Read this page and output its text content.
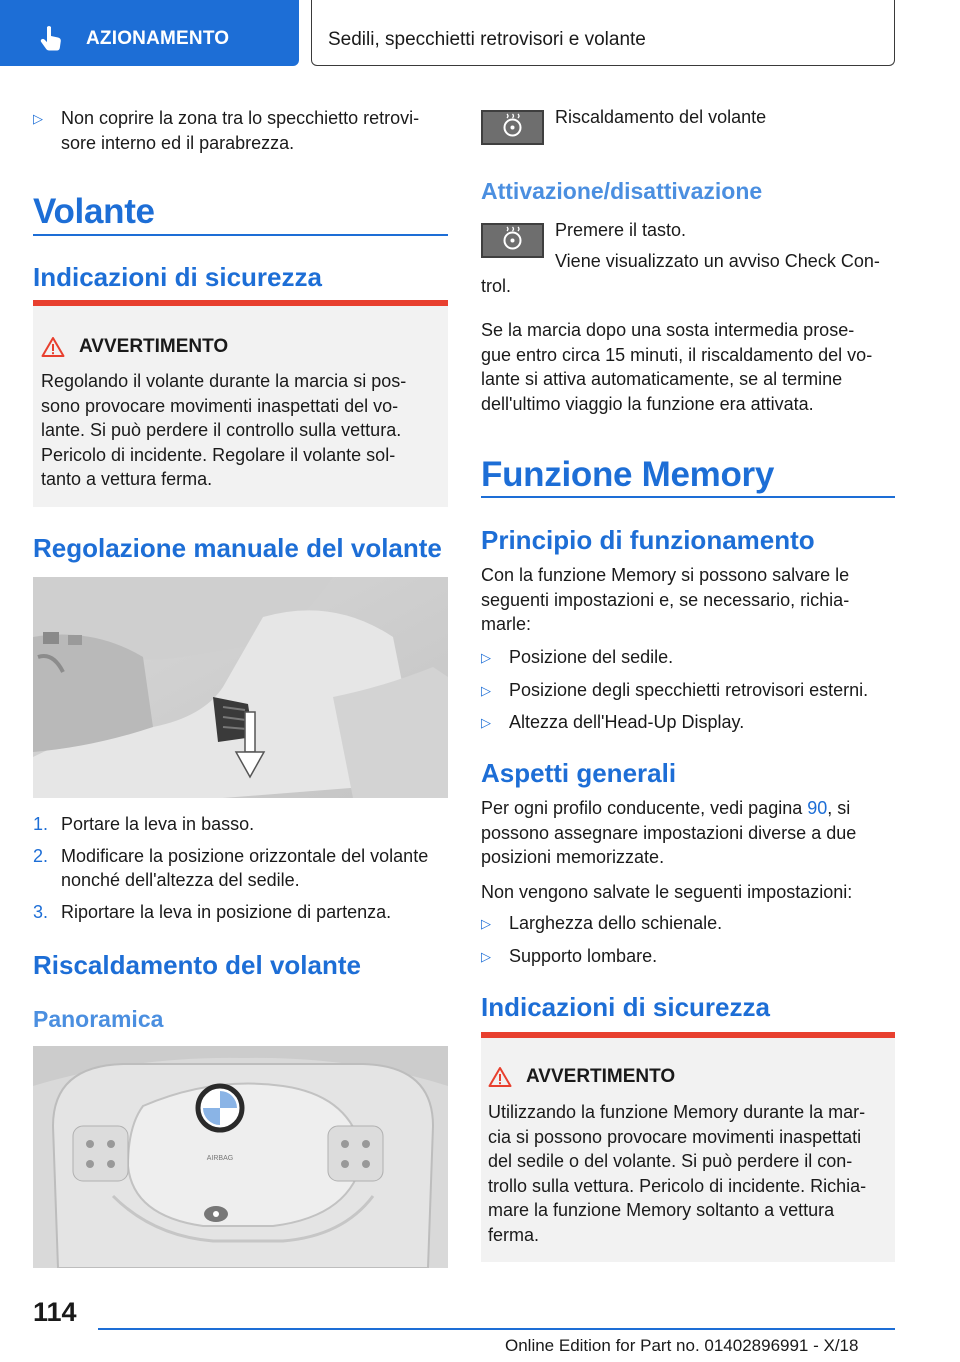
AZIONAMENTO	Sedili, specchietti retrovisori e volante
▷	Non coprire la zona tra lo specchietto retrovi-
sore interno ed il parabrezza.
Volante
Indicazioni di sicurezza
AVVERTIMENTO
Regolando il volante durante la marcia si pos-
sono provocare movimenti inaspettati del vo-
lante. Si può perdere il controllo sulla vettura.
Pericolo di incidente. Regolare il volante sol-
tanto a vettura ferma.
Regolazione manuale del volante
1. Portare la leva in basso.
2. Modificare la posizione orizzontale del volante
nonché dell'altezza del sedile.
3. Riportare la leva in posizione di partenza.
Riscaldamento del volante
Panoramica
AIRBAG
Riscaldamento del volante
Attivazione/disattivazione
Premere il tasto.
Viene visualizzato un avviso Check Con-
trol.
Se la marcia dopo una sosta intermedia prose-
gue entro circa 15 minuti, il riscaldamento del vo-
lante si attiva automaticamente, se al termine
dell'ultimo viaggio la funzione era attivata.
Funzione Memory
Principio di funzionamento
Con la funzione Memory si possono salvare le
seguenti impostazioni e, se necessario, richia-
marle:
▷	Posizione del sedile.
▷	Posizione degli specchietti retrovisori esterni.
▷	Altezza dell'Head-Up Display.
Aspetti generali
Per ogni profilo conducente, vedi pagina 90, si
possono assegnare impostazioni diverse a due
posizioni memorizzate.
Non vengono salvate le seguenti impostazioni:
▷	Larghezza dello schienale.
▷	Supporto lombare.
Indicazioni di sicurezza
AVVERTIMENTO
Utilizzando la funzione Memory durante la mar-
cia si possono provocare movimenti inaspettati
del sedile o del volante. Si può perdere il con-
trollo sulla vettura. Pericolo di incidente. Richia-
mare la funzione Memory soltanto a vettura
ferma.
114
Online Edition for Part no. 01402896991 - X/18
